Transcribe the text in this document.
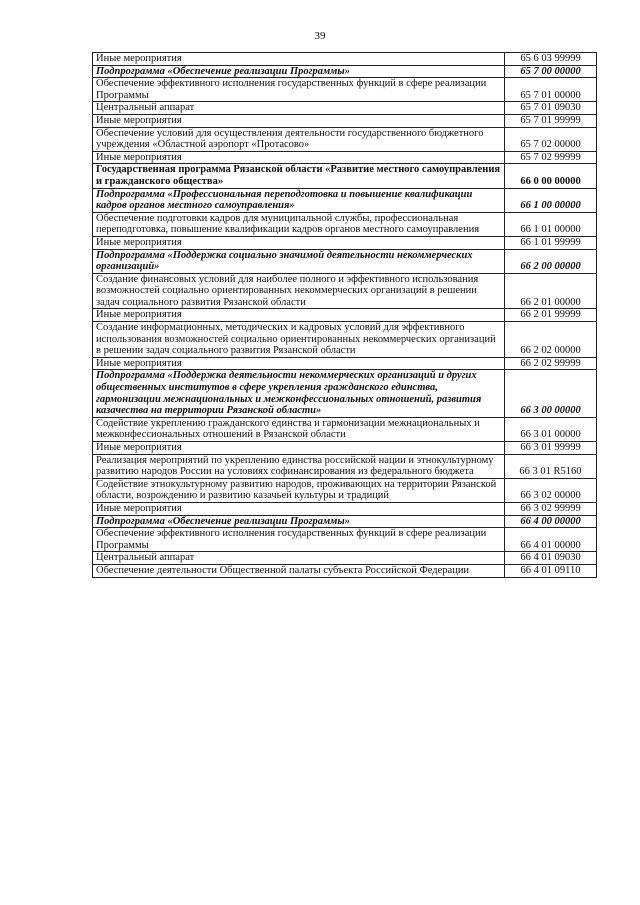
39
Иные мероприятия	65 6 03 99999
Подпрограмма «Обеспечение реализации Программы»	65 7 00 00000
Обеспечение эффективного исполнения государственных функций в сфере реализации Программы	65 7 01 00000
Центральный аппарат	65 7 01 09030
Иные мероприятия	65 7 01 99999
Обеспечение условий для осуществления деятельности государственного бюджетного учреждения «Областной аэропорт «Протасово»	65 7 02 00000
Иные мероприятия	65 7 02 99999
Государственная программа Рязанской области «Развитие местного самоуправления и гражданского общества»	66 0 00 00000
Подпрограмма «Профессиональная переподготовка и повышение квалификации кадров органов местного самоуправления»	66 1 00 00000
Обеспечение подготовки кадров для муниципальной службы, профессиональная переподготовка, повышение квалификации кадров органов местного самоуправления	66 1 01 00000
Иные мероприятия	66 1 01 99999
Подпрограмма «Поддержка социально значимой деятельности некоммерческих организаций»	66 2 00 00000
Создание финансовых условий для наиболее полного и эффективного использования возможностей социально ориентированных некоммерческих организаций в решении задач социального развития Рязанской области	66 2 01 00000
Иные мероприятия	66 2 01 99999
Создание информационных, методических и кадровых условий для эффективного использования возможностей социально ориентированных некоммерческих организаций в решении задач социального развития Рязанской области	66 2 02 00000
Иные мероприятия	66 2 02 99999
Подпрограмма «Поддержка деятельности некоммерческих организаций и других общественных институтов в сфере укрепления гражданского единства, гармонизации межнациональных и межконфессиональных отношений, развития казачества на территории Рязанской области»	66 3 00 00000
Содействие укреплению гражданского единства и гармонизации межнациональных и межконфессиональных отношений в Рязанской области	66 3 01 00000
Иные мероприятия	66 3 01 99999
Реализация мероприятий по укреплению единства российской нации и этнокультурному развитию народов России на условиях софинансирования из федерального бюджета	66 3 01 R5160
Содействие этнокультурному развитию народов, проживающих на территории Рязанской области, возрождению и развитию казачьей культуры и традиций	66 3 02 00000
Иные мероприятия	66 3 02 99999
Подпрограмма «Обеспечение реализации Программы»	66 4 00 00000
Обеспечение эффективного исполнения государственных функций в сфере реализации Программы	66 4 01 00000
Центральный аппарат	66 4 01 09030
Обеспечение деятельности Общественной палаты субъекта Российской Федерации	66 4 01 09110
